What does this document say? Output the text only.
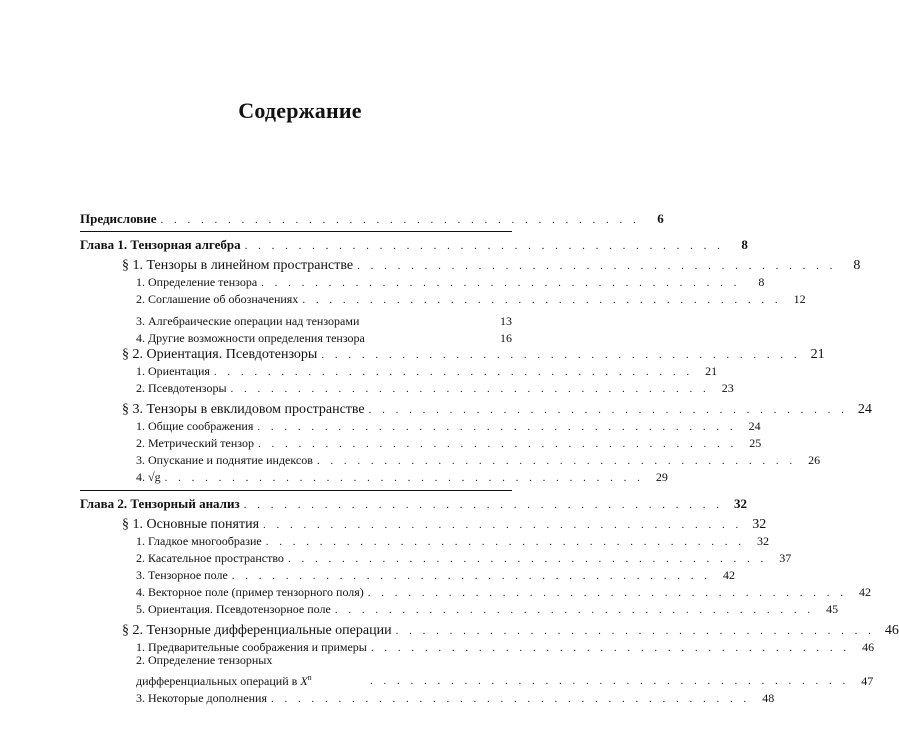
Содержание
Предисловие . . . . . . . . . . . . . . . . . . . . . . . . . . . . . . . . . . . .	6
Глава 1. Тензорная алгебра . . . . . . . . . . . . . . . . . . . . . . . . . . . . . . . . . . . .	8
§ 1. Тензоры в линейном пространстве . . . . . . . . . . . . . . . . . . . . . . . . . . . . . . . . . . . .	8
1. Определение тензора . . . . . . . . . . . . . . . . . . . . . . . . . . . . . . . . . . . .	8
2. Соглашение об обозначениях . . . . . . . . . . . . . . . . . . . . . . . . . . . . . . . . . . . .	12
3. Алгебраические операции над тензорами	13
4. Другие возможности определения тензора	16
§ 2. Ориентация. Псевдотензоры . . . . . . . . . . . . . . . . . . . . . . . . . . . . . . . . . . . . 21
1. Ориентация . . . . . . . . . . . . . . . . . . . . . . . . . . . . . . . . . . . .	21
2. Псевдотензоры . . . . . . . . . . . . . . . . . . . . . . . . . . . . . . . . . . . .	23
§ 3. Тензоры в евклидовом пространстве . . . . . . . . . . . . . . . . . . . . . . . . . . . . . . . . . . . . 24
1. Общие соображения . . . . . . . . . . . . . . . . . . . . . . . . . . . . . . . . . . . .	24
2. Метрический тензор . . . . . . . . . . . . . . . . . . . . . . . . . . . . . . . . . . . .	25
3. Опускание и поднятие индексов . . . . . . . . . . . . . . . . . . . . . . . . . . . . . . . . . . . .	26
4. √g . . . . . . . . . . . . . . . . . . . . . . . . . . . . . . . . . . . .	29
Глава 2. Тензорный анализ . . . . . . . . . . . . . . . . . . . . . . . . . . . . . . . . . . . . 32
§ 1. Основные понятия . . . . . . . . . . . . . . . . . . . . . . . . . . . . . . . . . . . . 32
1. Гладкое многообразие . . . . . . . . . . . . . . . . . . . . . . . . . . . . . . . . . . . .	32
2. Касательное пространство . . . . . . . . . . . . . . . . . . . . . . . . . . . . . . . . . . . .	37
3. Тензорное поле . . . . . . . . . . . . . . . . . . . . . . . . . . . . . . . . . . . .	42
4. Векторное поле (пример тензорного поля) . . . . . . . . . . . . . . . . . . . . . . . . . . . . . . . . . . . .	42
5. Ориентация. Псевдотензорное поле . . . . . . . . . . . . . . . . . . . . . . . . . . . . . . . . . . . .	45
§ 2. Тензорные дифференциальные операции . . . . . . . . . . . . . . . . . . . . . . . . . . . . . . . . . . . . 46
1. Предварительные соображения и примеры . . . . . . . . . . . . . . . . . . . . . . . . . . . . . . . . . . . .	46
2. Определение тензорных
дифференциальных операций в $X^n$	. . . . . . . . . . . . . . . . . . . . . . . . . . . . . . . . . . . .	47
3. Некоторые дополнения . . . . . . . . . . . . . . . . . . . . . . . . . . . . . . . . . . . .	48
